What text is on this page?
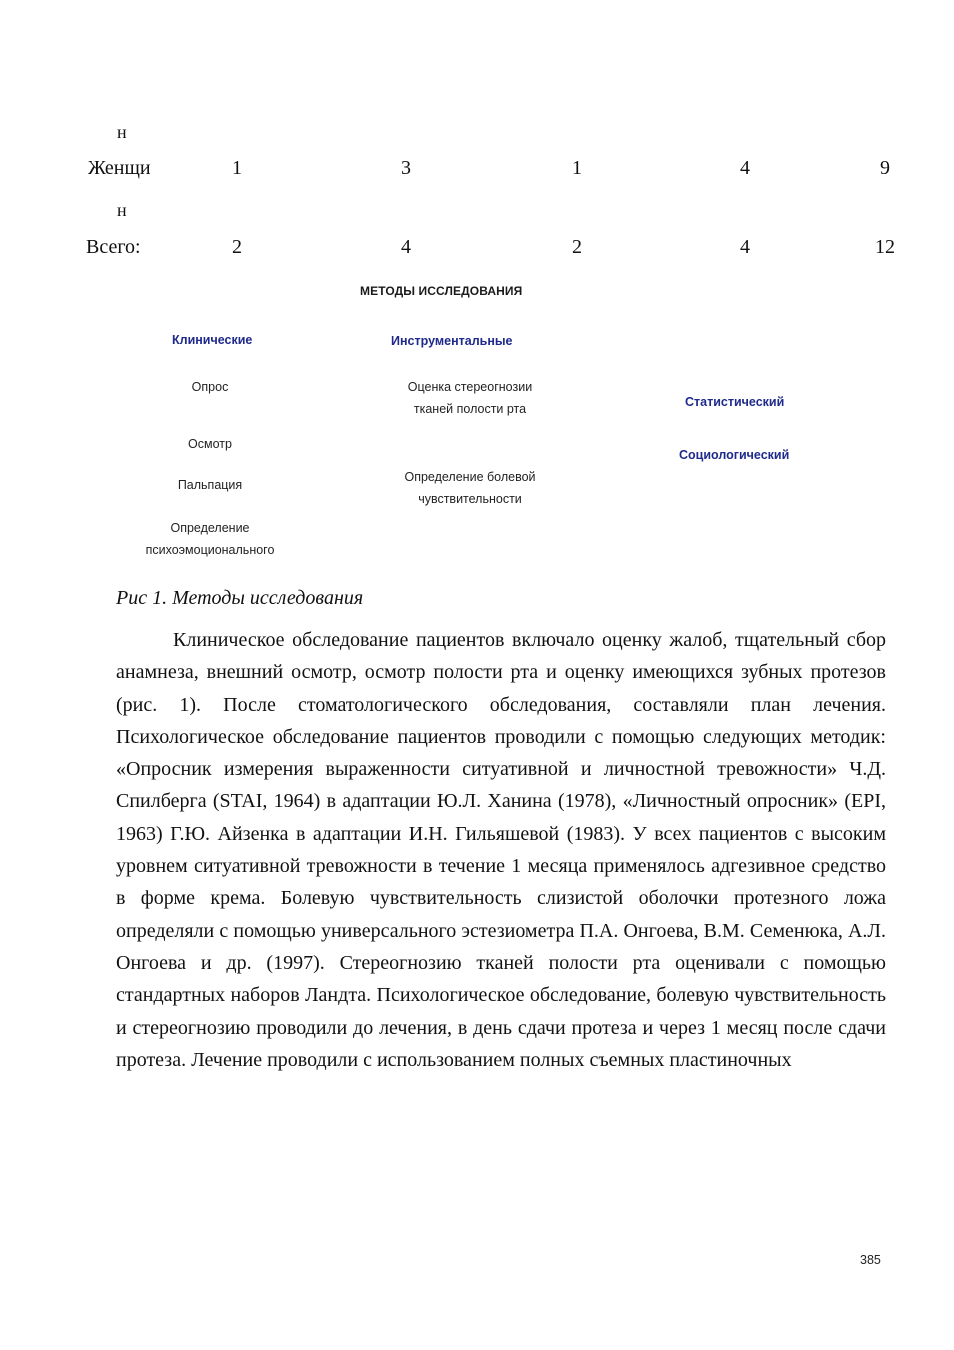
н
Женщи	1	3	1	4	9
н
Всего:	2	4	2	4	12
МЕТОДЫ ИССЛЕДОВАНИЯ
Клинические
Опрос
Осмотр
Пальпация
Определение
психоэмоционального
Инструментальные
Оценка стереогнозии
тканей полости рта
Определение болевой
чувствительности
Статистический
Социологический
Рис 1. Методы исследования

Клиническое обследование пациентов включало оценку жалоб, тщательный сбор анамнеза, внешний осмотр, осмотр полости рта и оценку имеющихся зубных протезов (рис. 1). После стоматологического обследования, составляли план лечения. Психологическое обследование пациентов проводили с помощью следующих методик: «Опросник измерения выраженности ситуативной и личностной тревожности» Ч.Д. Спилберга (STAI, 1964) в адаптации Ю.Л. Ханина (1978), «Личностный опросник» (EPI, 1963) Г.Ю. Айзенка в адаптации И.Н. Гильяшевой (1983). У всех пациентов с высоким уровнем ситуативной тревожности в течение 1 месяца применялось адгезивное средство в форме крема. Болевую чувствительность слизистой оболочки протезного ложа определяли с помощью универсального эстезиометра П.А. Онгоева, В.М. Семенюка, А.Л. Онгоева и др. (1997). Стереогнозию тканей полости рта оценивали с помощью стандартных наборов Ландта. Психологическое обследование, болевую чувствительность и стереогнозию проводили до лечения, в день сдачи протеза и через 1 месяц после сдачи протеза. Лечение проводили с использованием полных съемных пластиночных

385
